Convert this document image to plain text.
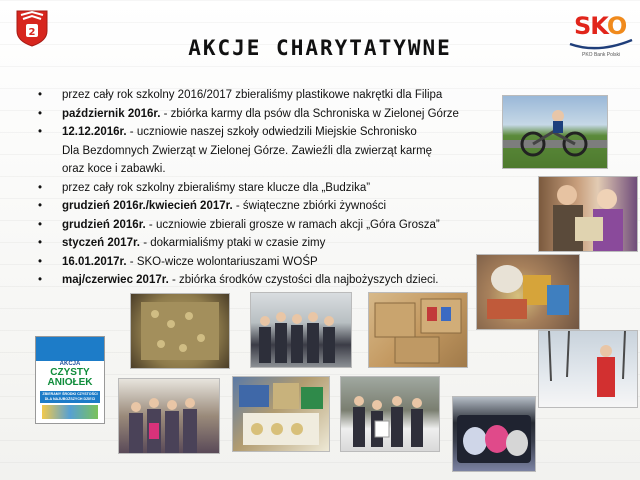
2
AKCJE CHARYTATYWNE
SKO
PKO Bank Polski
• przez cały rok szkolny 2016/2017 zbieraliśmy plastikowe nakrętki dla Filipa
• październik 2016r. - zbiórka karmy dla psów dla Schroniska w Zielonej Górze
• 12.12.2016r. - uczniowie naszej szkoły odwiedzili Miejskie Schronisko
Dla Bezdomnych Zwierząt w Zielonej Górze. Zawieźli dla zwierząt karmę
oraz koce i zabawki.
• przez cały rok szkolny zbieraliśmy stare klucze dla „Budzika”
• grudzień 2016r./kwiecień 2017r. - świąteczne zbiórki żywności
• grudzień 2016r. - uczniowie zbierali grosze w ramach akcji „Góra Grosza”
• styczeń 2017r. - dokarmialiśmy ptaki w czasie zimy
• 16.01.2017r. - SKO-wicze wolontariuszami WOŚP
• maj/czerwiec 2017r. - zbiórka środków czystości dla najbożyszych dzieci.
AKCJA
CZYSTY
ANIOŁEK
ZBIERAMY ŚRODKI CZYSTOŚCI DLA NAJUBOŻSZYCH DZIECI
